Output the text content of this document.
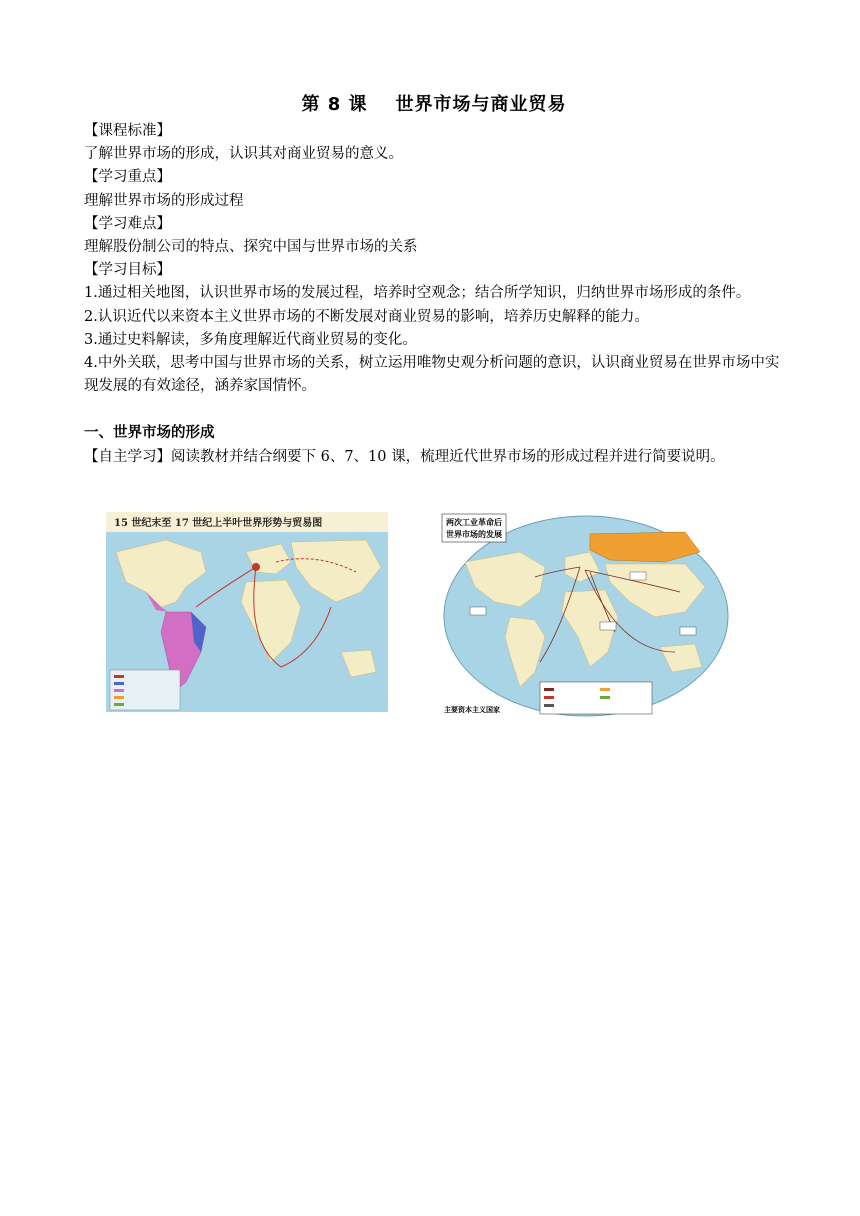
第 8 课 世界市场与商业贸易

【课程标准】

了解世界市场的形成，认识其对商业贸易的意义。

【学习重点】

理解世界市场的形成过程

【学习难点】

理解股份制公司的特点、探究中国与世界市场的关系

【学习目标】

1.通过相关地图，认识世界市场的发展过程，培养时空观念；结合所学知识，归纳世界市场形成的条件。

2.认识近代以来资本主义世界市场的不断发展对商业贸易的影响，培养历史解释的能力。

3.通过史料解读，多角度理解近代商业贸易的变化。

4.中外关联，思考中国与世界市场的关系，树立运用唯物史观分析问题的意识，认识商业贸易在世界市场中实现发展的有效途径，涵养家国情怀。

一、世界市场的形成

【自主学习】阅读教材并结合纲要下 6、7、10 课，梳理近代世界市场的形成过程并进行简要说明。

15 世纪末至 17 世纪上半叶世界形势与贸易图	两次工业革命后
世界市场的发展
主要资本主义国家
